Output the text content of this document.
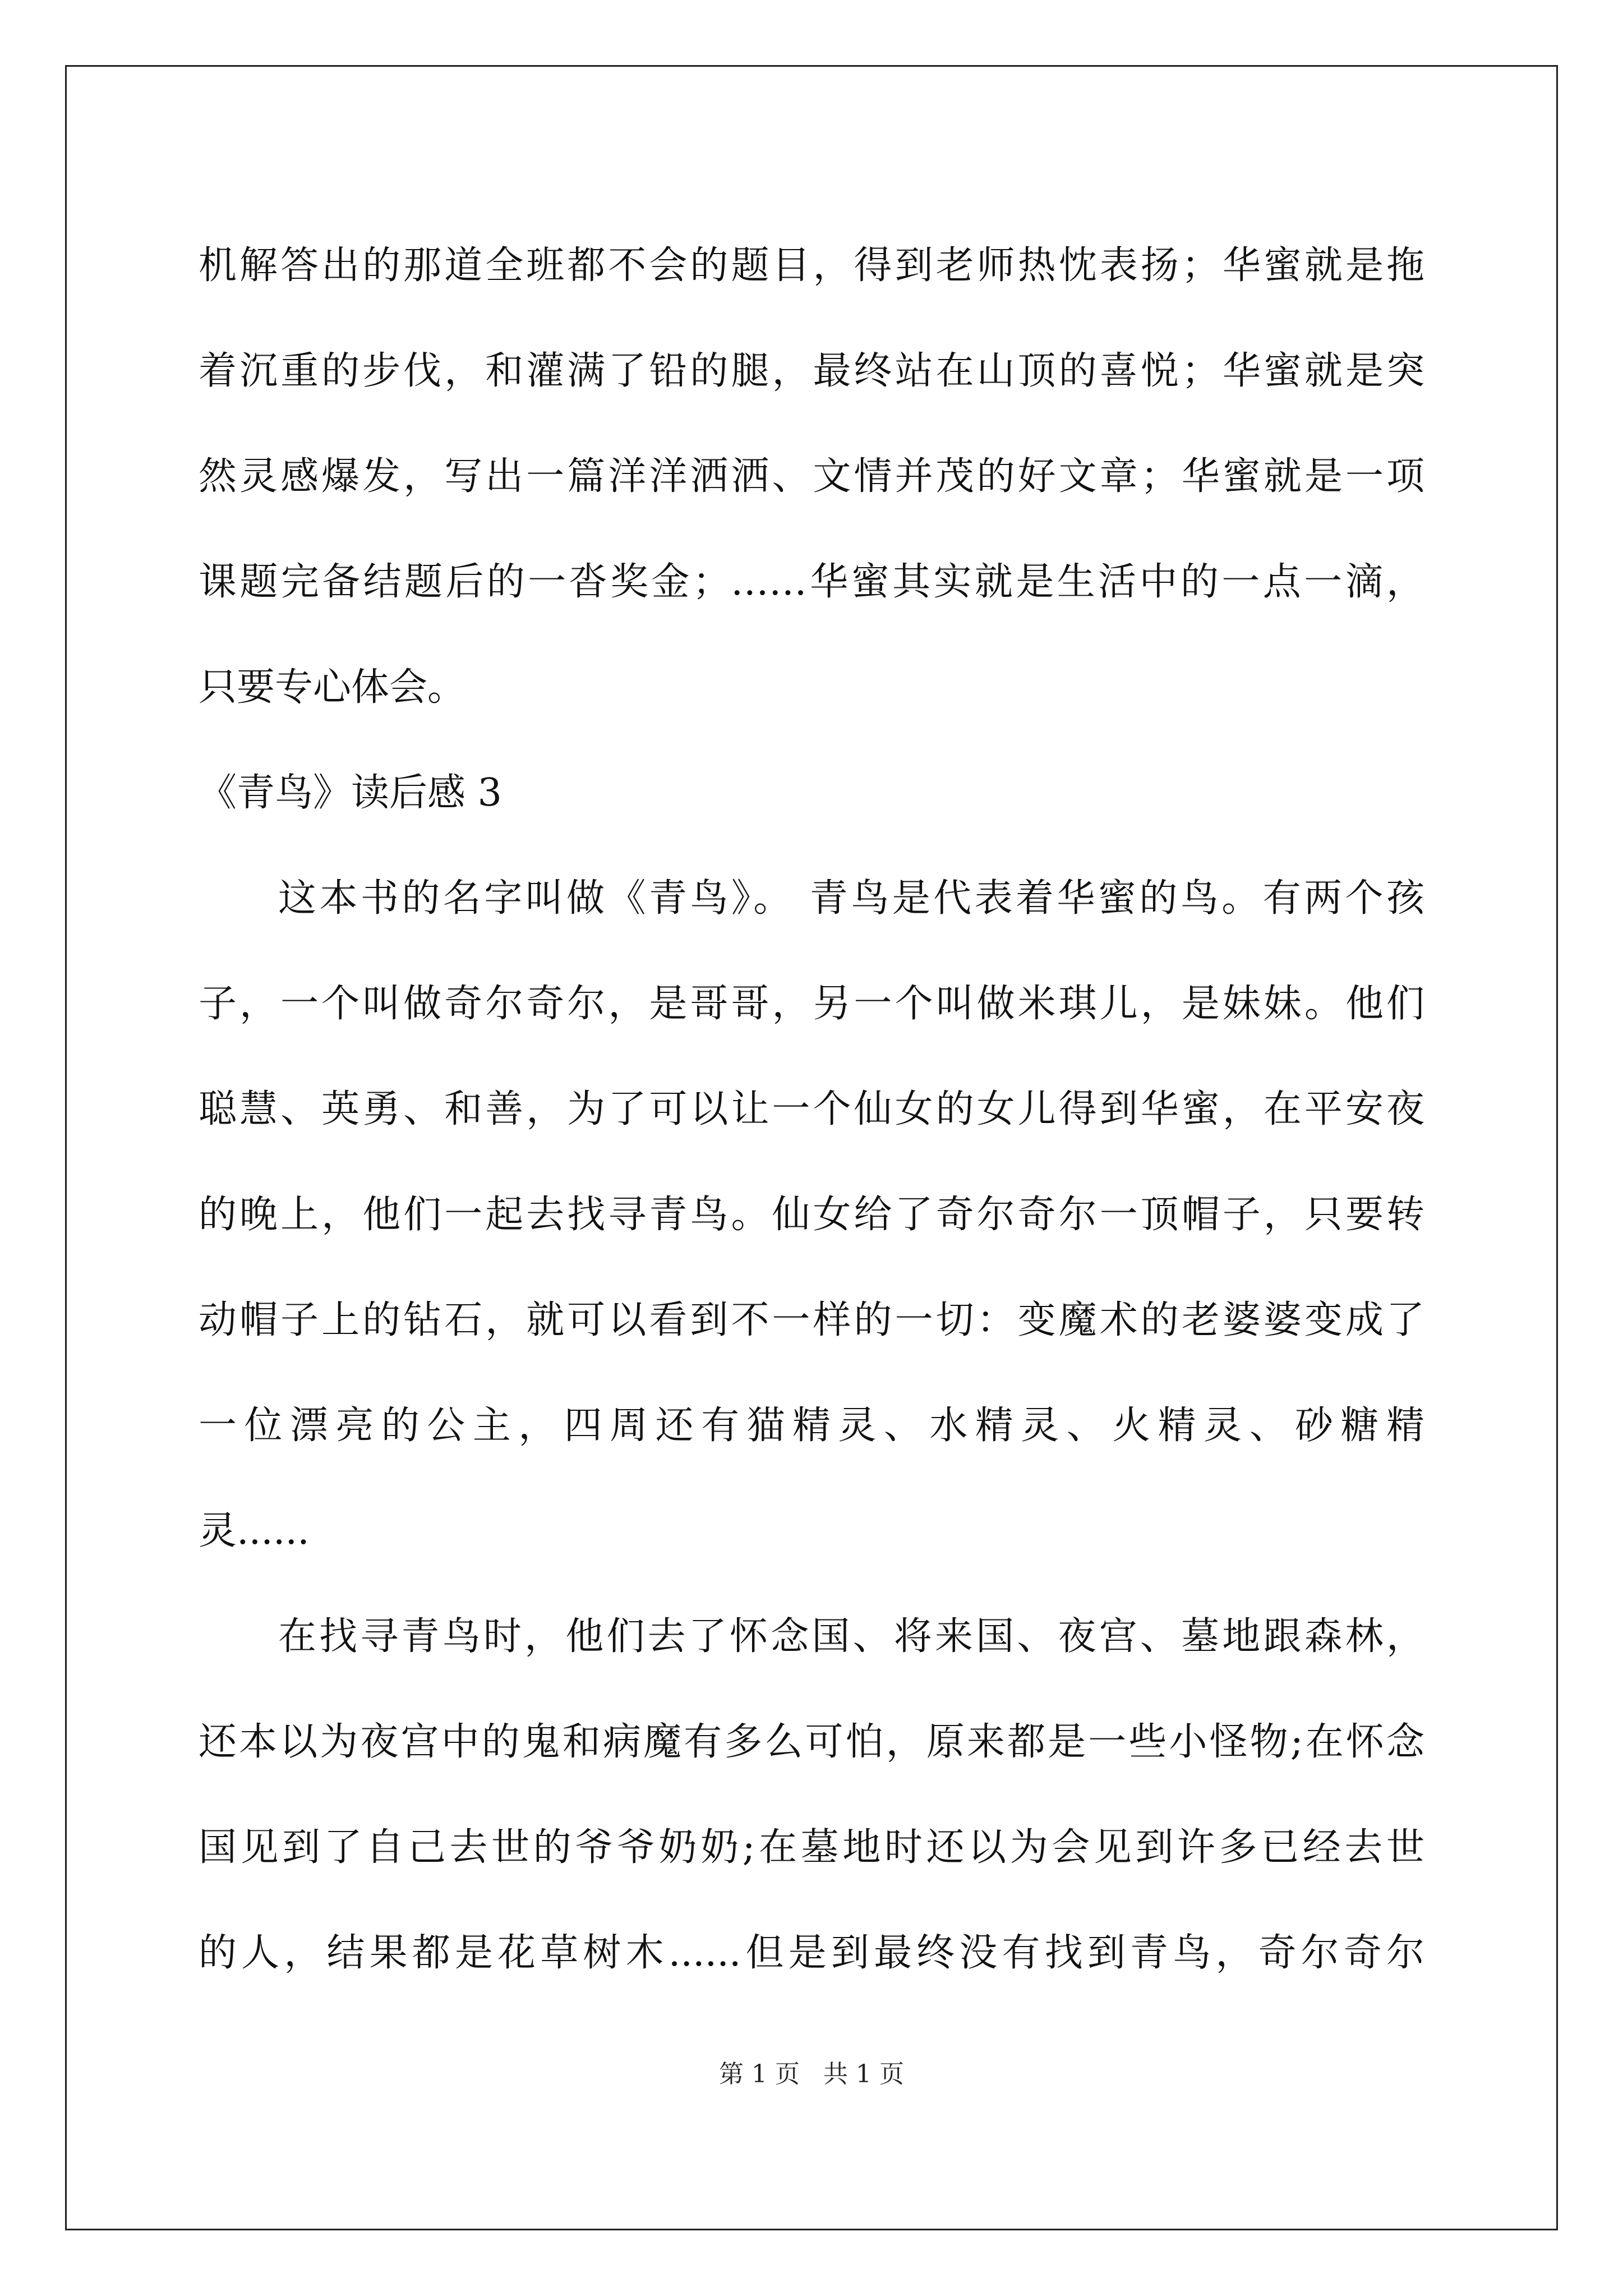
机解答出的那道全班都不会的题目，得到老师热忱表扬；华蜜就是拖

着沉重的步伐，和灌满了铅的腿，最终站在山顶的喜悦；华蜜就是突

然灵感爆发，写出一篇洋洋洒洒、文情并茂的好文章；华蜜就是一项

课题完备结题后的一沓奖金；……华蜜其实就是生活中的一点一滴，

只要专心体会。

《青鸟》读后感 3

这本书的名字叫做《青鸟》。 青鸟是代表着华蜜的鸟。有两个孩

子，一个叫做奇尔奇尔，是哥哥，另一个叫做米琪儿，是妹妹。他们

聪慧、英勇、和善，为了可以让一个仙女的女儿得到华蜜，在平安夜

的晚上，他们一起去找寻青鸟。仙女给了奇尔奇尔一顶帽子，只要转

动帽子上的钻石，就可以看到不一样的一切：变魔术的老婆婆变成了

一位漂亮的公主，四周还有猫精灵、水精灵、火精灵、砂糖精

灵......

在找寻青鸟时，他们去了怀念国、将来国、夜宫、墓地跟森林，

还本以为夜宫中的鬼和病魔有多么可怕，原来都是一些小怪物;在怀念

国见到了自己去世的爷爷奶奶;在墓地时还以为会见到许多已经去世

的人，结果都是花草树木......但是到最终没有找到青鸟，奇尔奇尔

第 1 页   共 1 页
